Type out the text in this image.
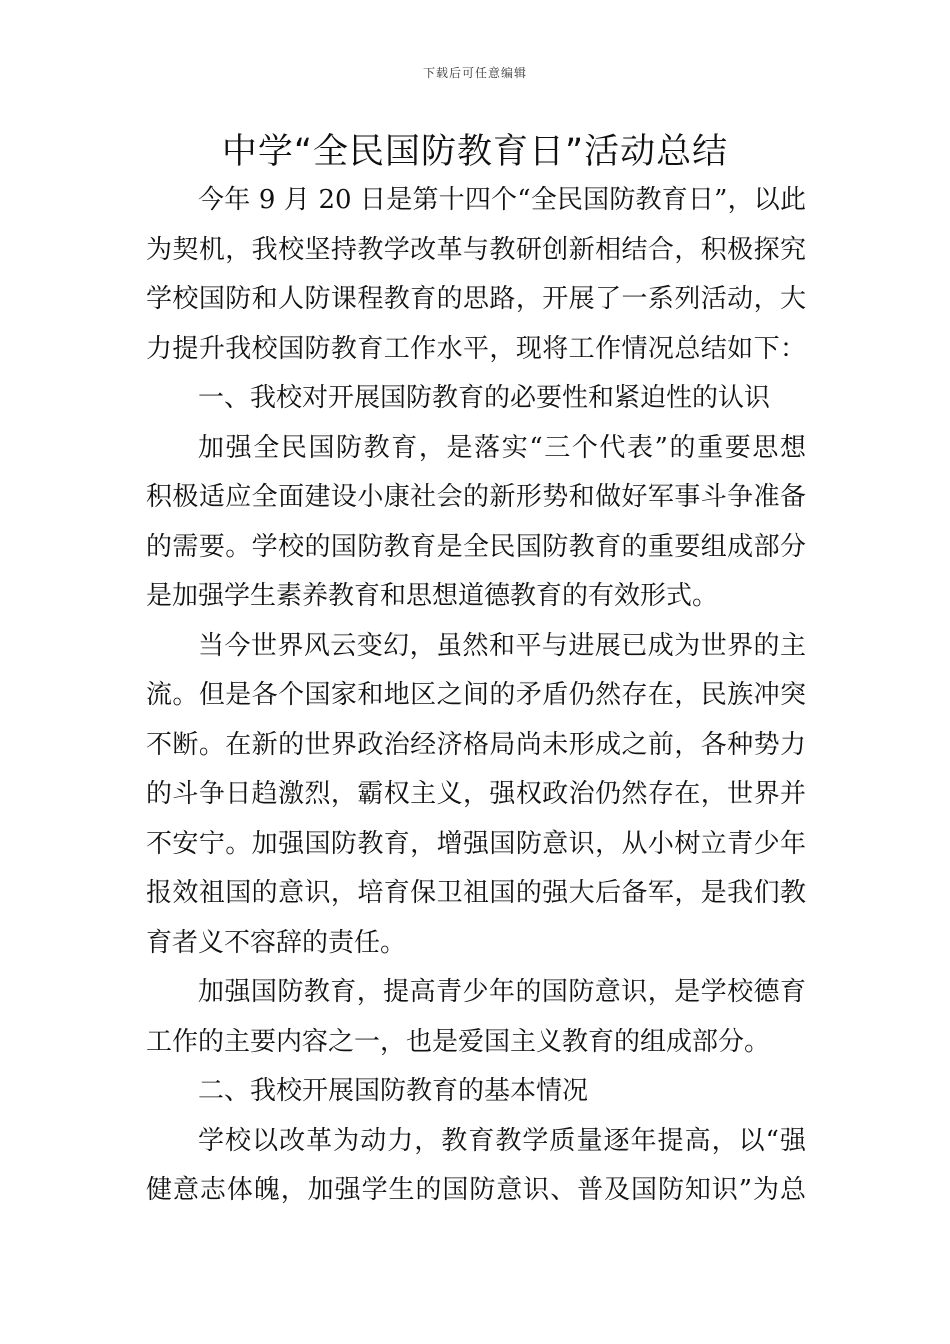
下载后可任意编辑
中学“全民国防教育日”活动总结
今年 9 月 20 日是第十四个“全民国防教育日”，以此
为契机，我校坚持教学改革与教研创新相结合，积极探究
学校国防和人防课程教育的思路，开展了一系列活动，大
力提升我校国防教育工作水平，现将工作情况总结如下：
一、我校对开展国防教育的必要性和紧迫性的认识
加强全民国防教育，是落实“三个代表”的重要思想
积极适应全面建设小康社会的新形势和做好军事斗争准备
的需要。学校的国防教育是全民国防教育的重要组成部分
是加强学生素养教育和思想道德教育的有效形式。
当今世界风云变幻，虽然和平与进展已成为世界的主
流。但是各个国家和地区之间的矛盾仍然存在，民族冲突
不断。在新的世界政治经济格局尚未形成之前，各种势力
的斗争日趋激烈，霸权主义，强权政治仍然存在，世界并
不安宁。加强国防教育，增强国防意识，从小树立青少年
报效祖国的意识，培育保卫祖国的强大后备军，是我们教
育者义不容辞的责任。
加强国防教育，提高青少年的国防意识，是学校德育
工作的主要内容之一，也是爱国主义教育的组成部分。
二、我校开展国防教育的基本情况
学校以改革为动力，教育教学质量逐年提高，以“强
健意志体魄，加强学生的国防意识、普及国防知识”为总
